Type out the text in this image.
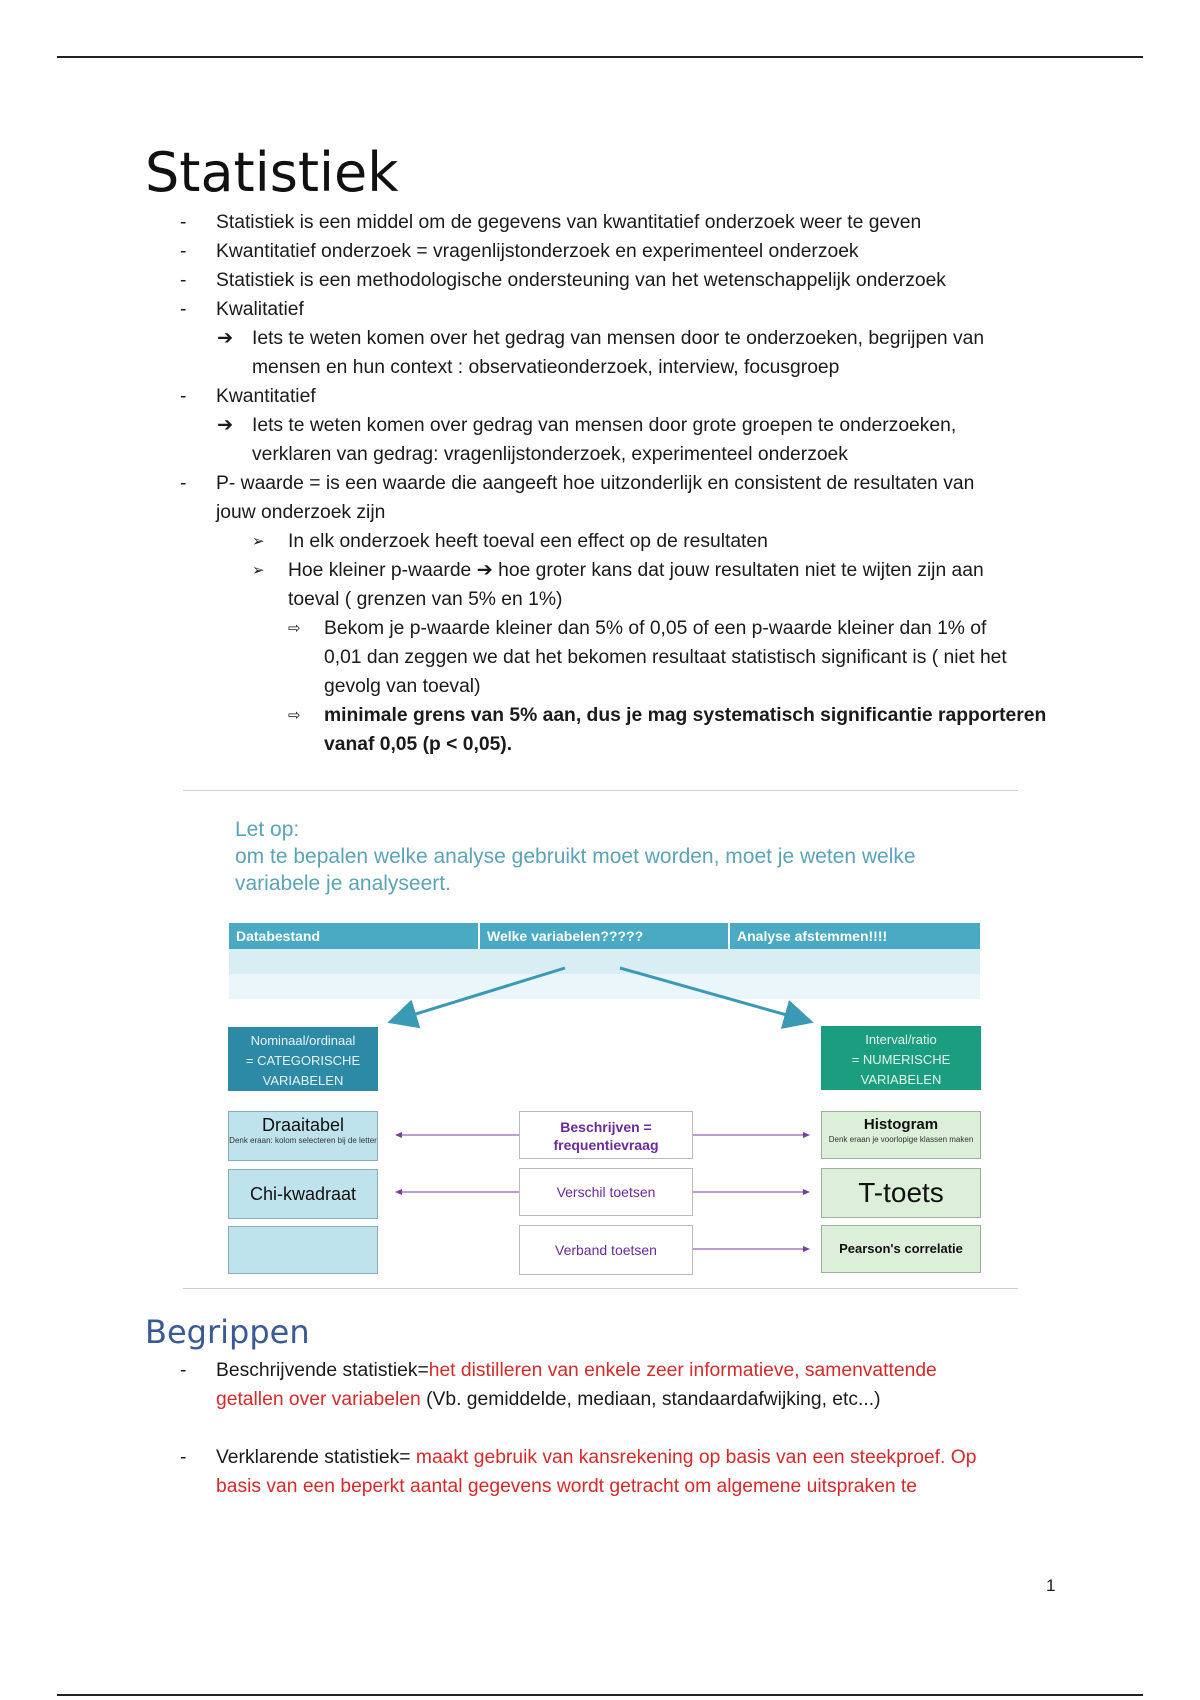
Statistiek
- Statistiek is een middel om de gegevens van kwantitatief onderzoek weer te geven
- Kwantitatief onderzoek = vragenlijstonderzoek en experimenteel onderzoek
- Statistiek is een methodologische ondersteuning van het wetenschappelijk onderzoek
- Kwalitatief
➔ Iets te weten komen over het gedrag van mensen door te onderzoeken, begrijpen van
mensen en hun context : observatieonderzoek, interview, focusgroep
- Kwantitatief
➔ Iets te weten komen over gedrag van mensen door grote groepen te onderzoeken,
verklaren van gedrag: vragenlijstonderzoek, experimenteel onderzoek
- P- waarde = is een waarde die aangeeft hoe uitzonderlijk en consistent de resultaten van
jouw onderzoek zijn
➢ In elk onderzoek heeft toeval een effect op de resultaten
➢ Hoe kleiner p-waarde ➔ hoe groter kans dat jouw resultaten niet te wijten zijn aan
toeval ( grenzen van 5% en 1%)
⇨ Bekom je p-waarde kleiner dan 5% of 0,05 of een p-waarde kleiner dan 1% of
0,01 dan zeggen we dat het bekomen resultaat statistisch significant is ( niet het
gevolg van toeval)
⇨ minimale grens van 5% aan, dus je mag systematisch significantie rapporteren
vanaf 0,05 (p < 0,05).
Let op:
om te bepalen welke analyse gebruikt moet worden, moet je weten welke
variabele je analyseert.
Databestand	Welke variabelen?????	Analyse afstemmen!!!!
Nominaal/ordinaal
= CATEGORISCHE
VARIABELEN
Interval/ratio
= NUMERISCHE
VARIABELEN
Draaitabel
Denk eraan: kolom selecteren bij de letter
Chi-kwadraat
Beschrijven =
frequentievraag
Verschil toetsen
Verband toetsen
Histogram
Denk eraan je voorlopige klassen maken
T-toets
Pearson's correlatie
Begrippen
- Beschrijvende statistiek=het distilleren van enkele zeer informatieve, samenvattende
getallen over variabelen (Vb. gemiddelde, mediaan, standaardafwijking, etc...)
- Verklarende statistiek= maakt gebruik van kansrekening op basis van een steekproef. Op
basis van een beperkt aantal gegevens wordt getracht om algemene uitspraken te
1
